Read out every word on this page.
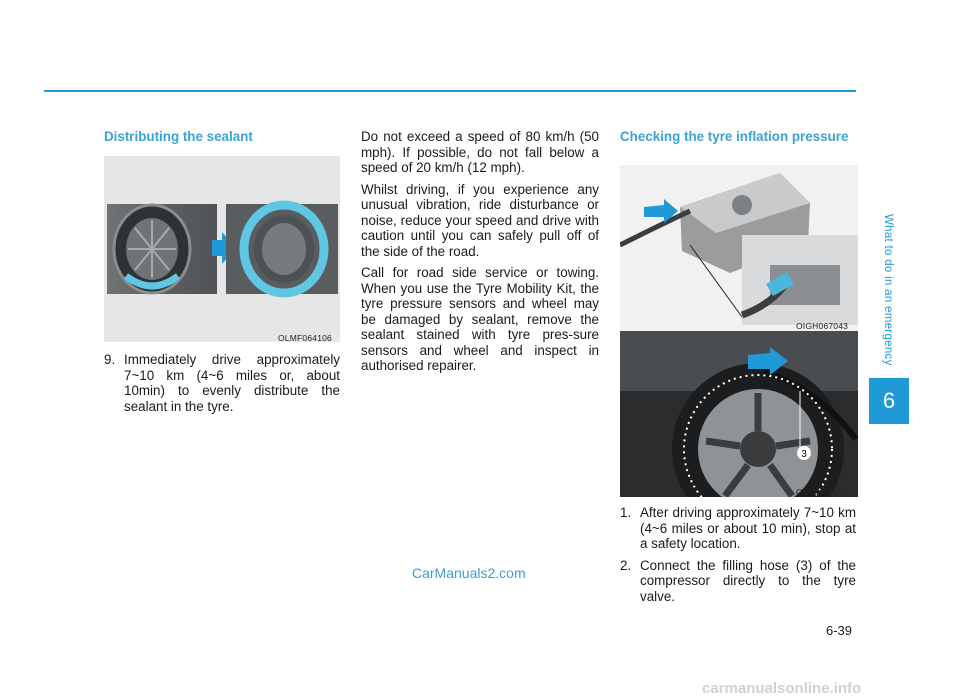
What to do in an emergency
6
Distributing the sealant
OLMF064106
9. Immediately drive approximately 7~10 km (4~6 miles or, about 10min) to evenly distribute the sealant in the tyre.

Do not exceed a speed of 80 km/h (50 mph). If possible, do not fall below a speed of 20 km/h (12 mph).

Whilst driving, if you experience any unusual vibration, ride disturbance or noise, reduce your speed and drive with caution until you can safely pull off of the side of the road.

Call for road side service or towing. When you use the Tyre Mobility Kit, the tyre pressure sensors and wheel may be damaged by sealant, remove the sealant stained with tyre pres-sure sensors and wheel and inspect in authorised repairer.

Checking the tyre inflation pressure
OIGH067043
3
OTLE068051
1. After driving approximately 7~10 km (4~6 miles or about 10 min), stop at a safety location.
2. Connect the filling hose (3) of the compressor directly to the tyre valve.
CarManuals2.com
6-39
carmanualsonline.info
